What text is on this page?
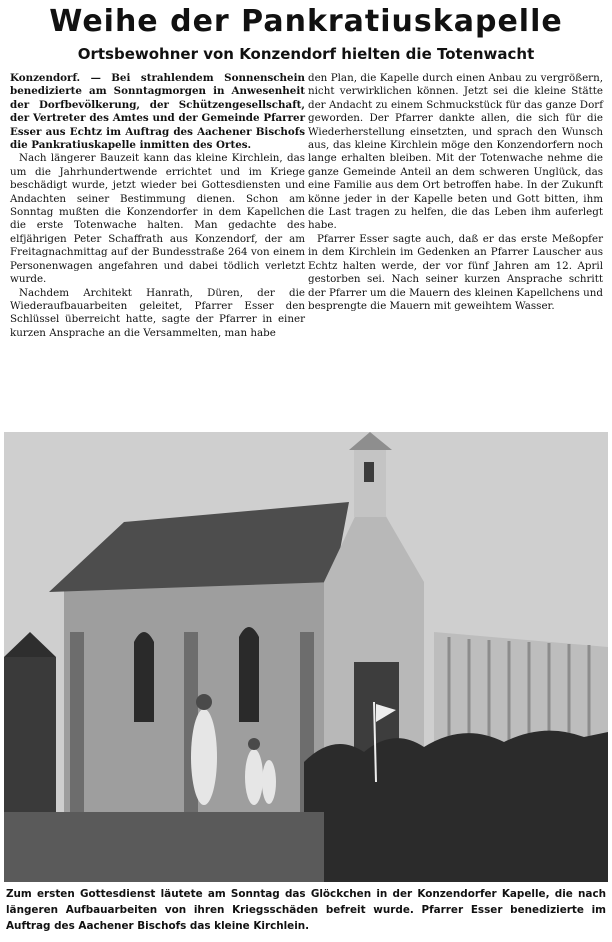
Weihe der Pankratiuskapelle
Ortsbewohner von Konzendorf hielten die Totenwacht

Konzendorf. — Bei strahlendem Sonnenschein benedizierte am Sonntagmorgen in Anwesenheit der Dorfbevölkerung, der Schützengesellschaft, der Vertreter des Amtes und der Gemeinde Pfarrer Esser aus Echtz im Auftrag des Aachener Bischofs die Pankratiuskapelle inmitten des Ortes.

Nach längerer Bauzeit kann das kleine Kirchlein, das um die Jahrhundertwende errichtet und im Kriege beschädigt wurde, jetzt wieder bei Gottesdiensten und Andachten seiner Bestimmung dienen. Schon am Sonntag mußten die Konzendorfer in dem Kapellchen die erste Totenwache halten. Man gedachte des elfjährigen Peter Schaffrath aus Konzendorf, der am Freitagnachmittag auf der Bundesstraße 264 von einem Personenwagen angefahren und dabei tödlich verletzt wurde.

Nachdem Architekt Hanrath, Düren, der die Wiederaufbauarbeiten geleitet, Pfarrer Esser den Schlüssel überreicht hatte, sagte der Pfarrer in einer kurzen Ansprache an die Versammelten, man habe

den Plan, die Kapelle durch einen Anbau zu vergrößern, nicht verwirklichen können. Jetzt sei die kleine Stätte der Andacht zu einem Schmuckstück für das ganze Dorf geworden. Der Pfarrer dankte allen, die sich für die Wiederherstellung einsetzten, und sprach den Wunsch aus, das kleine Kirchlein möge den Konzendorfern noch lange erhalten bleiben. Mit der Totenwache nehme die ganze Gemeinde Anteil an dem schweren Unglück, das eine Familie aus dem Ort betroffen habe. In der Zukunft könne jeder in der Kapelle beten und Gott bitten, ihm die Last tragen zu helfen, die das Leben ihm auferlegt habe.

Pfarrer Esser sagte auch, daß er das erste Meßopfer in dem Kirchlein im Gedenken an Pfarrer Lauscher aus Echtz halten werde, der vor fünf Jahren am 12. April gestorben sei. Nach seiner kurzen Ansprache schritt der Pfarrer um die Mauern des kleinen Kapellchens und besprengte die Mauern mit geweihtem Wasser.

Zum ersten Gottesdienst läutete am Sonntag das Glöckchen in der Konzendorfer Kapelle, die nach längeren Aufbauarbeiten von ihren Kriegsschäden befreit wurde. Pfarrer Esser benedizierte im Auftrag des Aachener Bischofs das kleine Kirchlein.
